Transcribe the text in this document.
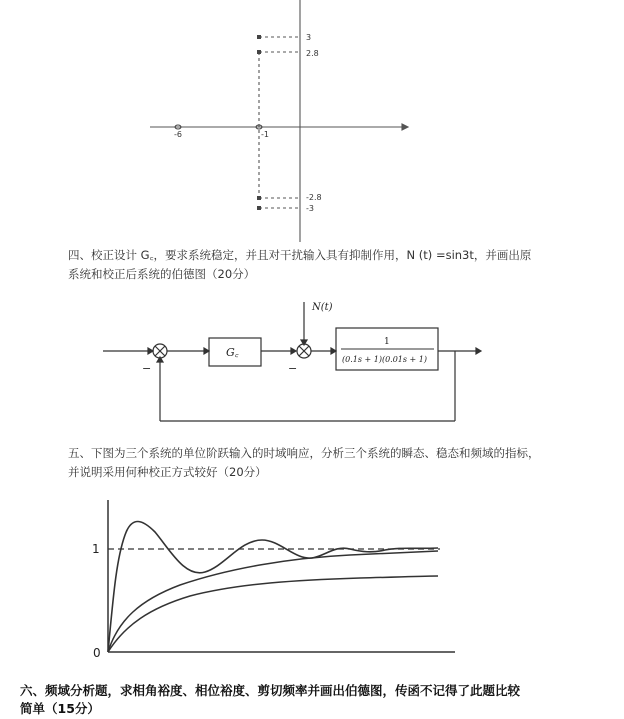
3
2.8
-1
-2.8
-3
-6
四、校正设计 G꜀，要求系统稳定，并且对干扰输入具有抑制作用，N (t) =sin3t，并画出原
系统和校正后系统的伯德图（20分）
N(t)
G꜀
1
(0.1s + 1)(0.01s + 1)
−	−
五、下图为三个系统的单位阶跃输入的时域响应，分析三个系统的瞬态、稳态和频域的指标，
并说明采用何种校正方式较好（20分）
1
0
六、频域分析题，求相角裕度、相位裕度、剪切频率并画出伯德图，传函不记得了此题比较
简单（15分）
